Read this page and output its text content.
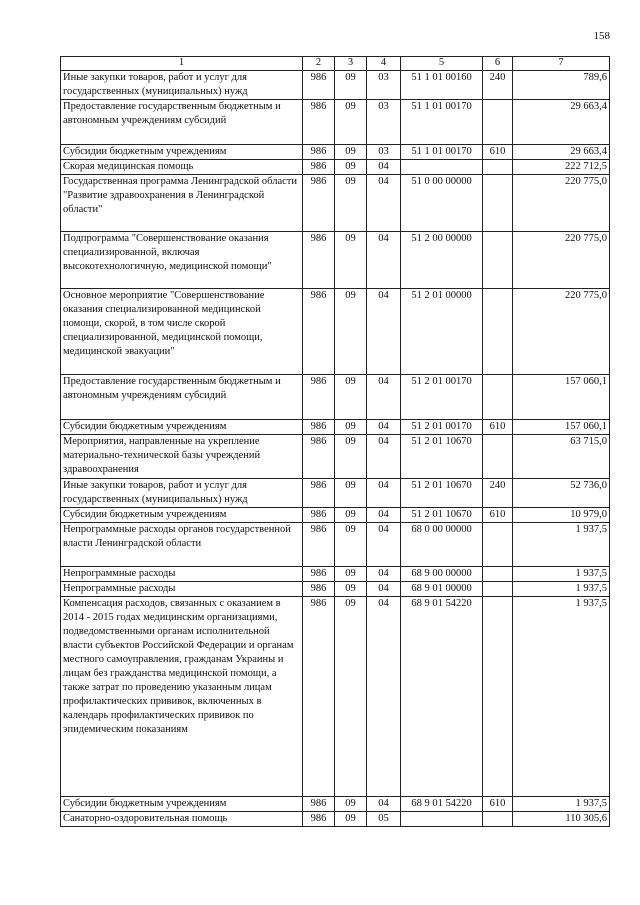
158
1	2	3	4	5	6	7
Иные закупки товаров, работ и услуг для государственных (муниципальных) нужд	986	09	03	51 1 01 00160	240	789,6
Предоставление государственным бюджетным и автономным учреждениям субсидий	986	09	03	51 1 01 00170		29 663,4
Субсидии бюджетным учреждениям	986	09	03	51 1 01 00170	610	29 663,4
Скорая медицинская помощь	986	09	04			222 712,5
Государственная программа Ленинградской области "Развитие здравоохранения в Ленинградской области"	986	09	04	51 0 00 00000		220 775,0
Подпрограмма "Совершенствование оказания специализированной, включая высокотехнологичную, медицинской помощи"	986	09	04	51 2 00 00000		220 775,0
Основное мероприятие "Совершенствование оказания специализированной медицинской помощи, скорой, в том числе скорой специализированной, медицинской помощи, медицинской эвакуации"	986	09	04	51 2 01 00000		220 775,0
Предоставление государственным бюджетным и автономным учреждениям субсидий	986	09	04	51 2 01 00170		157 060,1
Субсидии бюджетным учреждениям	986	09	04	51 2 01 00170	610	157 060,1
Мероприятия, направленные на укрепление материально-технической базы учреждений здравоохранения	986	09	04	51 2 01 10670		63 715,0
Иные закупки товаров, работ и услуг для государственных (муниципальных) нужд	986	09	04	51 2 01 10670	240	52 736,0
Субсидии бюджетным учреждениям	986	09	04	51 2 01 10670	610	10 979,0
Непрограммные расходы органов государственной власти Ленинградской области	986	09	04	68 0 00 00000		1 937,5
Непрограммные расходы	986	09	04	68 9 00 00000		1 937,5
Непрограммные расходы	986	09	04	68 9 01 00000		1 937,5
Компенсация расходов, связанных с оказанием в 2014 - 2015 годах медицинским организациями, подведомственными органам исполнительной власти субъектов Российской Федерации и органам местного самоуправления, гражданам Украины и лицам без гражданства медицинской помощи, а также затрат по проведению указанным лицам профилактических прививок, включенных в календарь профилактических прививок по эпидемическим показаниям	986	09	04	68 9 01 54220		1 937,5
Субсидии бюджетным учреждениям	986	09	04	68 9 01 54220	610	1 937,5
Санаторно-оздоровительная помощь	986	09	05			110 305,6
